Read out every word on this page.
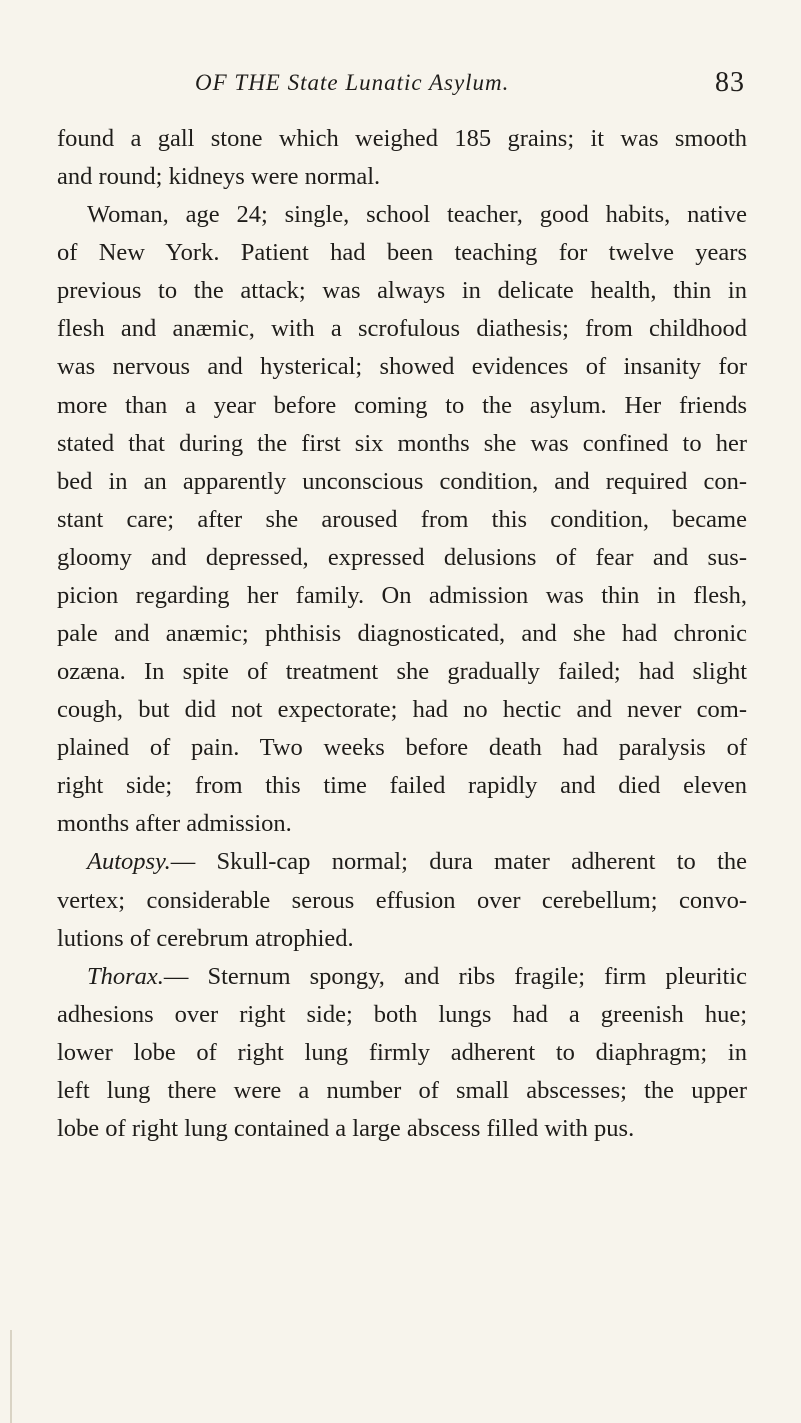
OF THE State Lunatic Asylum.	83
found a gall stone which weighed 185 grains; it was smooth
and round; kidneys were normal.
Woman, age 24; single, school teacher, good habits, native
of New York. Patient had been teaching for twelve years
previous to the attack; was always in delicate health, thin in
flesh and anæmic, with a scrofulous diathesis; from childhood
was nervous and hysterical; showed evidences of insanity for
more than a year before coming to the asylum. Her friends
stated that during the first six months she was confined to her
bed in an apparently unconscious condition, and required con-
stant care; after she aroused from this condition, became
gloomy and depressed, expressed delusions of fear and sus-
picion regarding her family. On admission was thin in flesh,
pale and anæmic; phthisis diagnosticated, and she had chronic
ozæna. In spite of treatment she gradually failed; had slight
cough, but did not expectorate; had no hectic and never com-
plained of pain. Two weeks before death had paralysis of
right side; from this time failed rapidly and died eleven
months after admission.
Autopsy.— Skull-cap normal; dura mater adherent to the
vertex; considerable serous effusion over cerebellum; convo-
lutions of cerebrum atrophied.
Thorax.— Sternum spongy, and ribs fragile; firm pleuritic
adhesions over right side; both lungs had a greenish hue;
lower lobe of right lung firmly adherent to diaphragm; in
left lung there were a number of small abscesses; the upper
lobe of right lung contained a large abscess filled with pus.
